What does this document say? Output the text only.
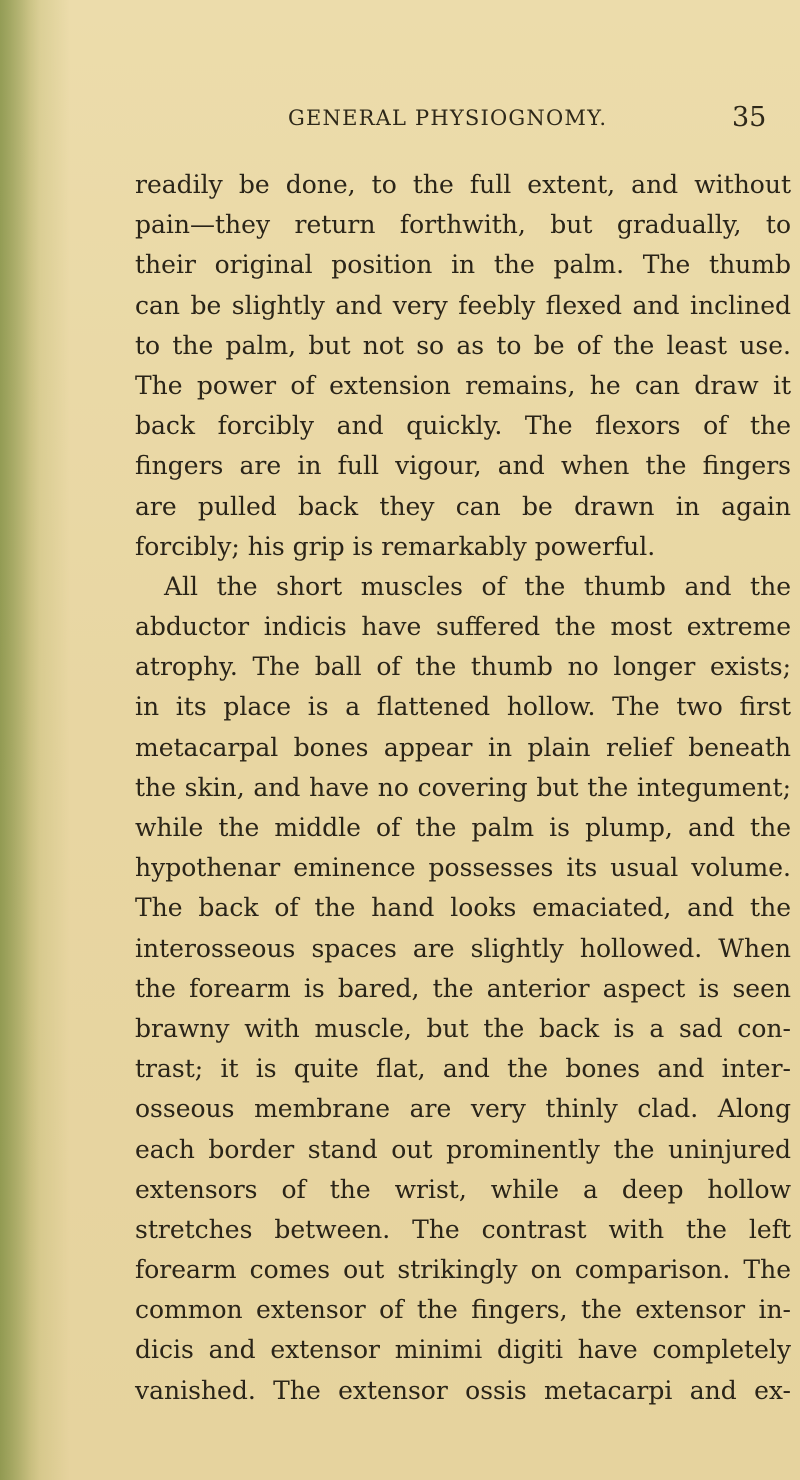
GENERAL PHYSIOGNOMY.	35
readily be done, to the full extent, and without
pain—they return forthwith, but gradually, to
their original position in the palm. The thumb
can be slightly and very feebly flexed and inclined
to the palm, but not so as to be of the least use.
The power of extension remains, he can draw it
back forcibly and quickly. The flexors of the
fingers are in full vigour, and when the fingers
are pulled back they can be drawn in again
forcibly; his grip is remarkably powerful.
All the short muscles of the thumb and the
abductor indicis have suffered the most extreme
atrophy. The ball of the thumb no longer exists;
in its place is a flattened hollow. The two first
metacarpal bones appear in plain relief beneath
the skin, and have no covering but the integument;
while the middle of the palm is plump, and the
hypothenar eminence possesses its usual volume.
The back of the hand looks emaciated, and the
interosseous spaces are slightly hollowed. When
the forearm is bared, the anterior aspect is seen
brawny with muscle, but the back is a sad con-
trast; it is quite flat, and the bones and inter-
osseous membrane are very thinly clad. Along
each border stand out prominently the uninjured
extensors of the wrist, while a deep hollow
stretches between. The contrast with the left
forearm comes out strikingly on comparison. The
common extensor of the fingers, the extensor in-
dicis and extensor minimi digiti have completely
vanished. The extensor ossis metacarpi and ex-
